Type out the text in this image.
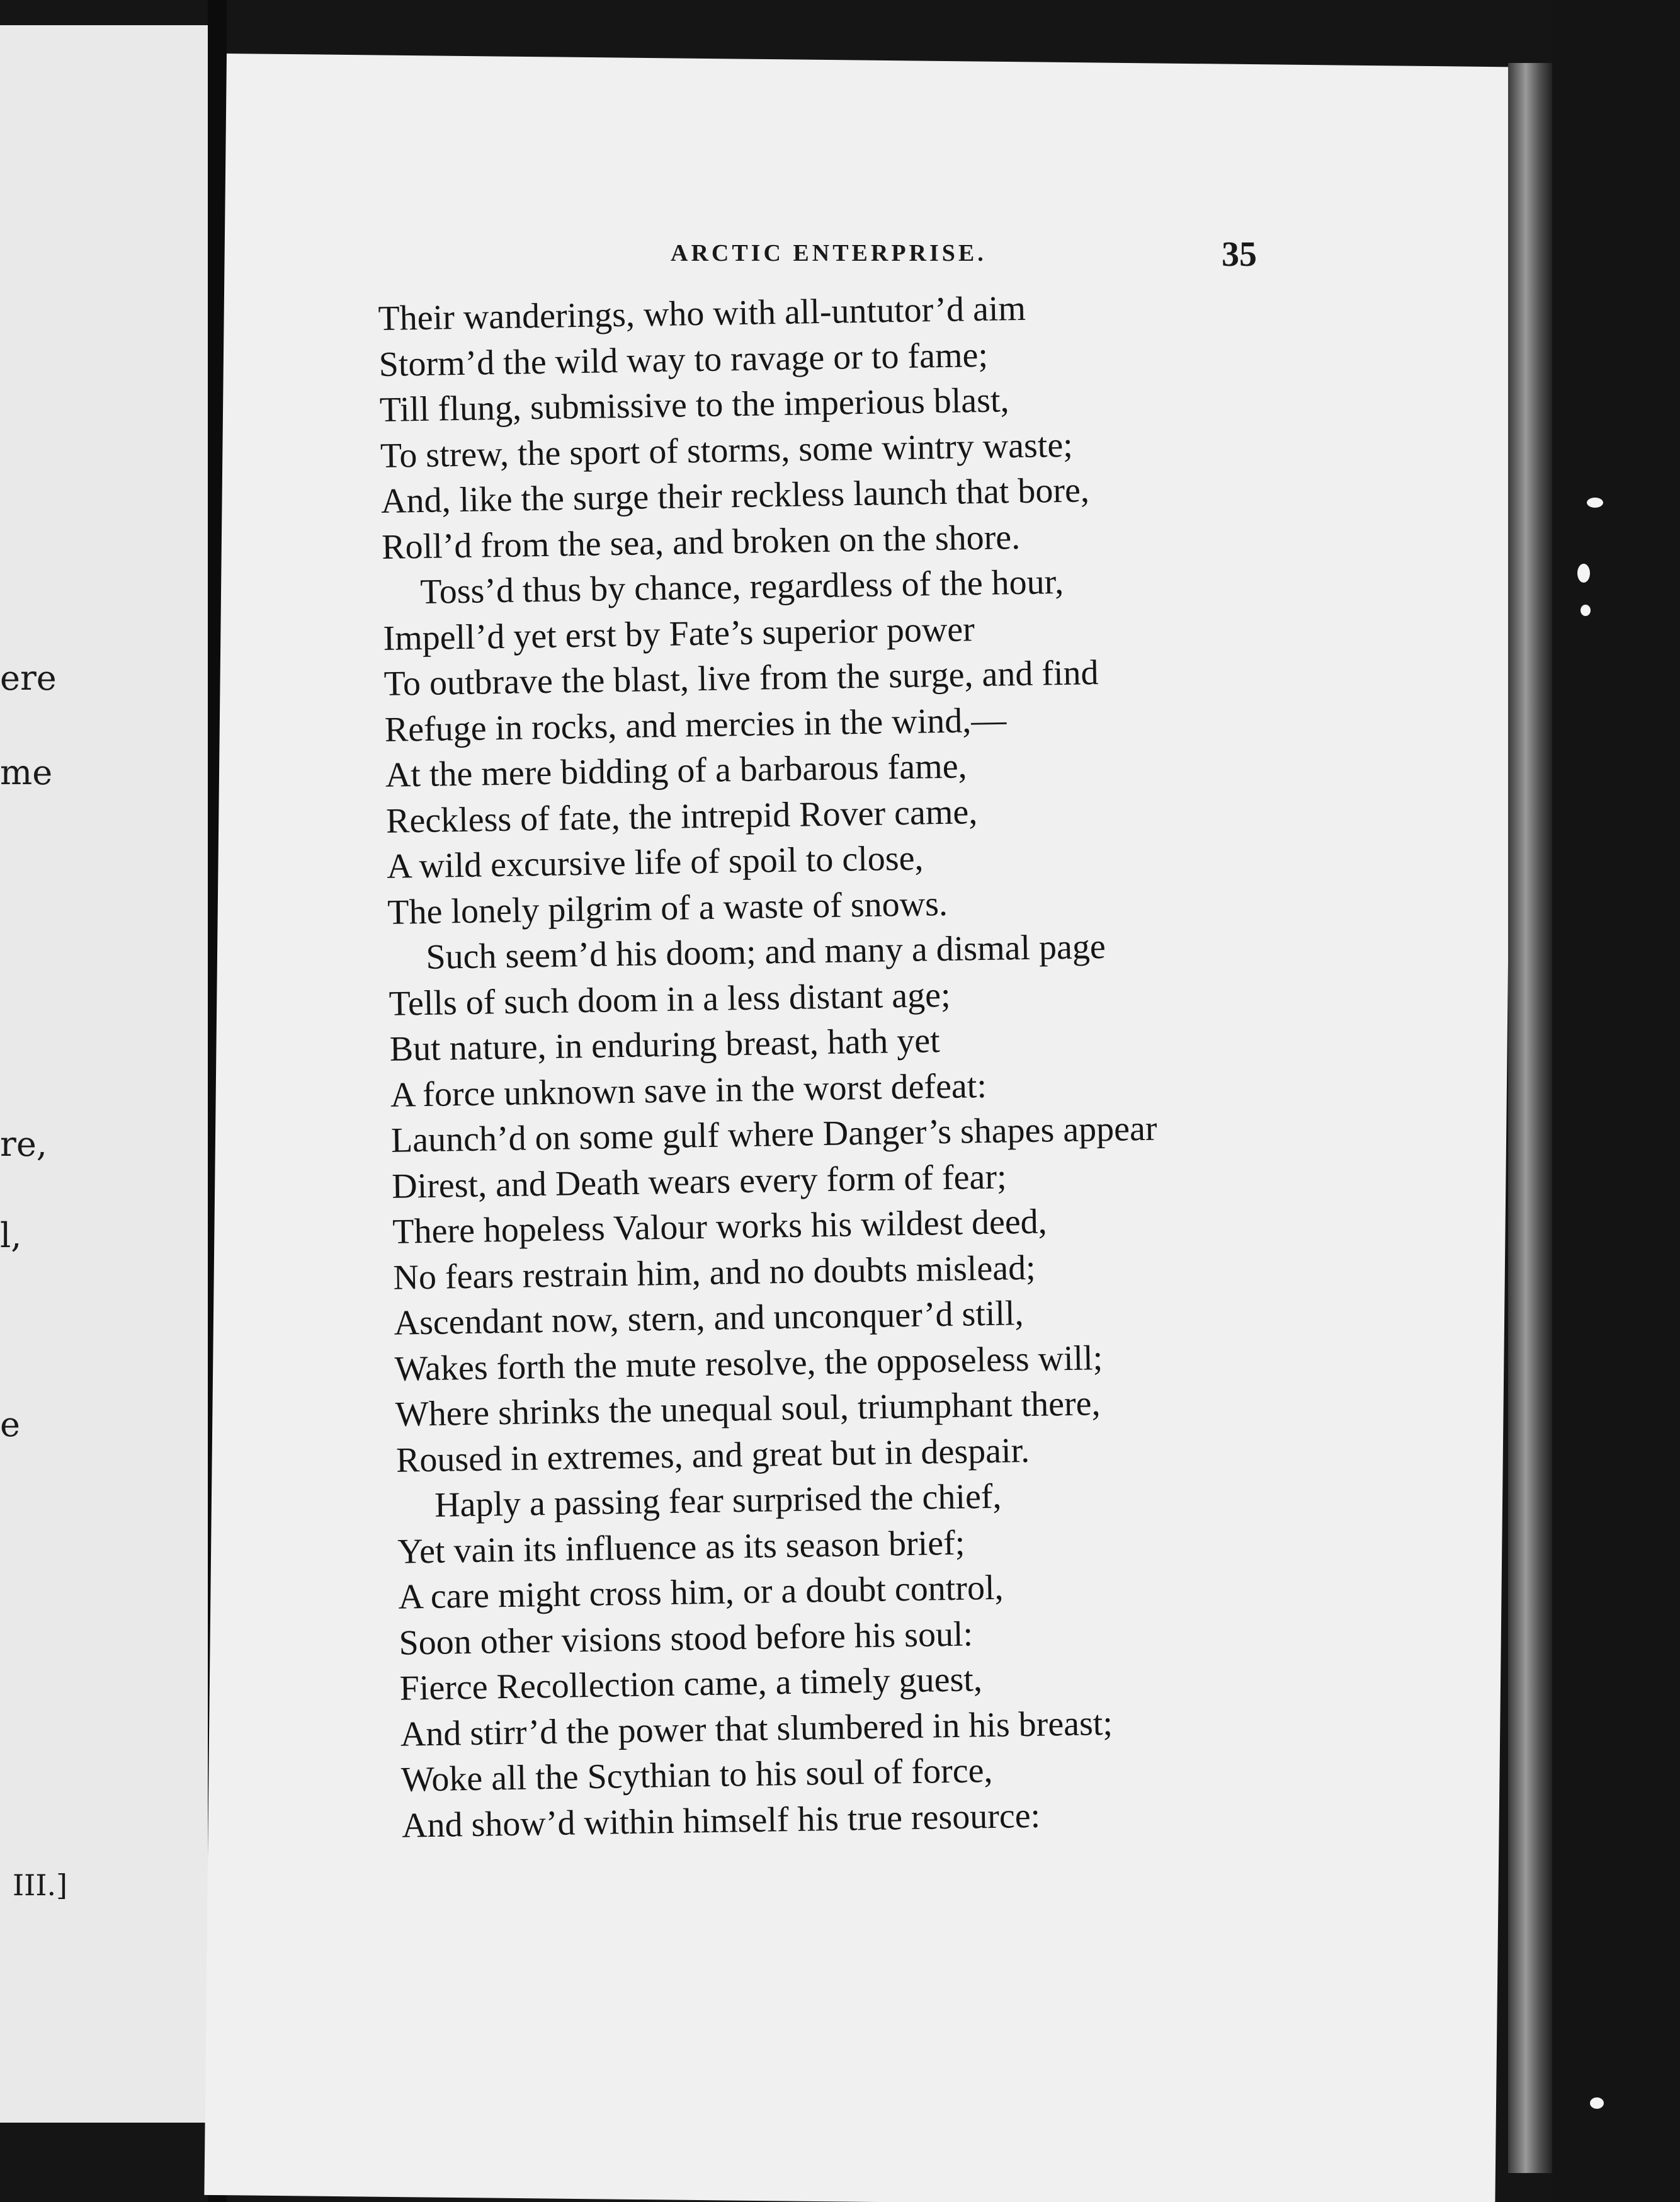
ere
me
re,
l,
e
III.]
ARCTIC ENTERPRISE.	35
Their wanderings, who with all-untutor’d aim
Storm’d the wild way to ravage or to fame;
Till flung, submissive to the imperious blast,
To strew, the sport of storms, some wintry waste;
And, like the surge their reckless launch that bore,
Roll’d from the sea, and broken on the shore.
Toss’d thus by chance, regardless of the hour,
Impell’d yet erst by Fate’s superior power
To outbrave the blast, live from the surge, and find
Refuge in rocks, and mercies in the wind,—
At the mere bidding of a barbarous fame,
Reckless of fate, the intrepid Rover came,
A wild excursive life of spoil to close,
The lonely pilgrim of a waste of snows.
Such seem’d his doom; and many a dismal page
Tells of such doom in a less distant age;
But nature, in enduring breast, hath yet
A force unknown save in the worst defeat:
Launch’d on some gulf where Danger’s shapes appear
Direst, and Death wears every form of fear;
There hopeless Valour works his wildest deed,
No fears restrain him, and no doubts mislead;
Ascendant now, stern, and unconquer’d still,
Wakes forth the mute resolve, the opposeless will;
Where shrinks the unequal soul, triumphant there,
Roused in extremes, and great but in despair.
Haply a passing fear surprised the chief,
Yet vain its influence as its season brief;
A care might cross him, or a doubt control,
Soon other visions stood before his soul:
Fierce Recollection came, a timely guest,
And stirr’d the power that slumbered in his breast;
Woke all the Scythian to his soul of force,
And show’d within himself his true resource:
